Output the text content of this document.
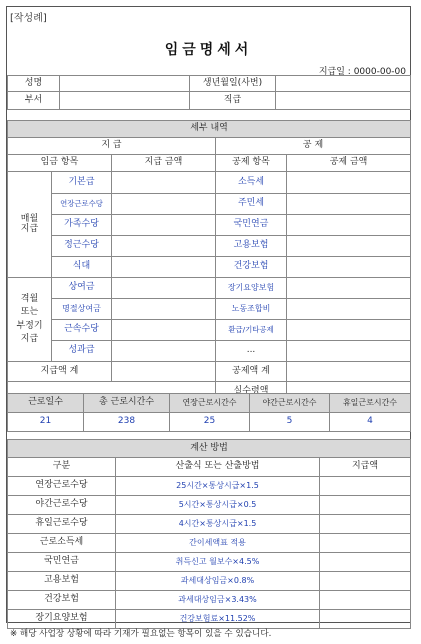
[작성례]
임금명세서
지급일 : 0000-00-00
성명		생년월일(사번)	
부서		직급	
세부 내역				
지 급			공 제	
임금 항목		지급 금액	공제 항목	공제 금액
매월
지급	기본급		소득세	
	연장근로수당		주민세	
	가족수당		국민연금	
	정근수당		고용보험	
	식대		건강보험	
격월
또는
부정기
지급	상여금		장기요양보험	
	명절상여금		노동조합비	
	근속수당		환급/기타공제	
	성과급		...	
지급액 계			공제액 계	
			실수령액	

근로일수	총 근로시간수	연장근로시간수	야간근로시간수	휴일근로시간수
21	238	25	5	4
계산 방법		
구분	산출식 또는 산출방법	지급액
연장근로수당	25시간×통상시급×1.5	
야간근로수당	5시간×통상시급×0.5	
휴일근로수당	4시간×통상시급×1.5	
근로소득세	간이세액표 적용	
국민연금	취득신고 월보수×4.5%	
고용보험	과세대상임금×0.8%	
건강보험	과세대상임금×3.43%	
장기요양보험	건강보험료×11.52%	
※ 해당 사업장 상황에 따라 기재가 필요없는 항목이 있을 수 있습니다.
